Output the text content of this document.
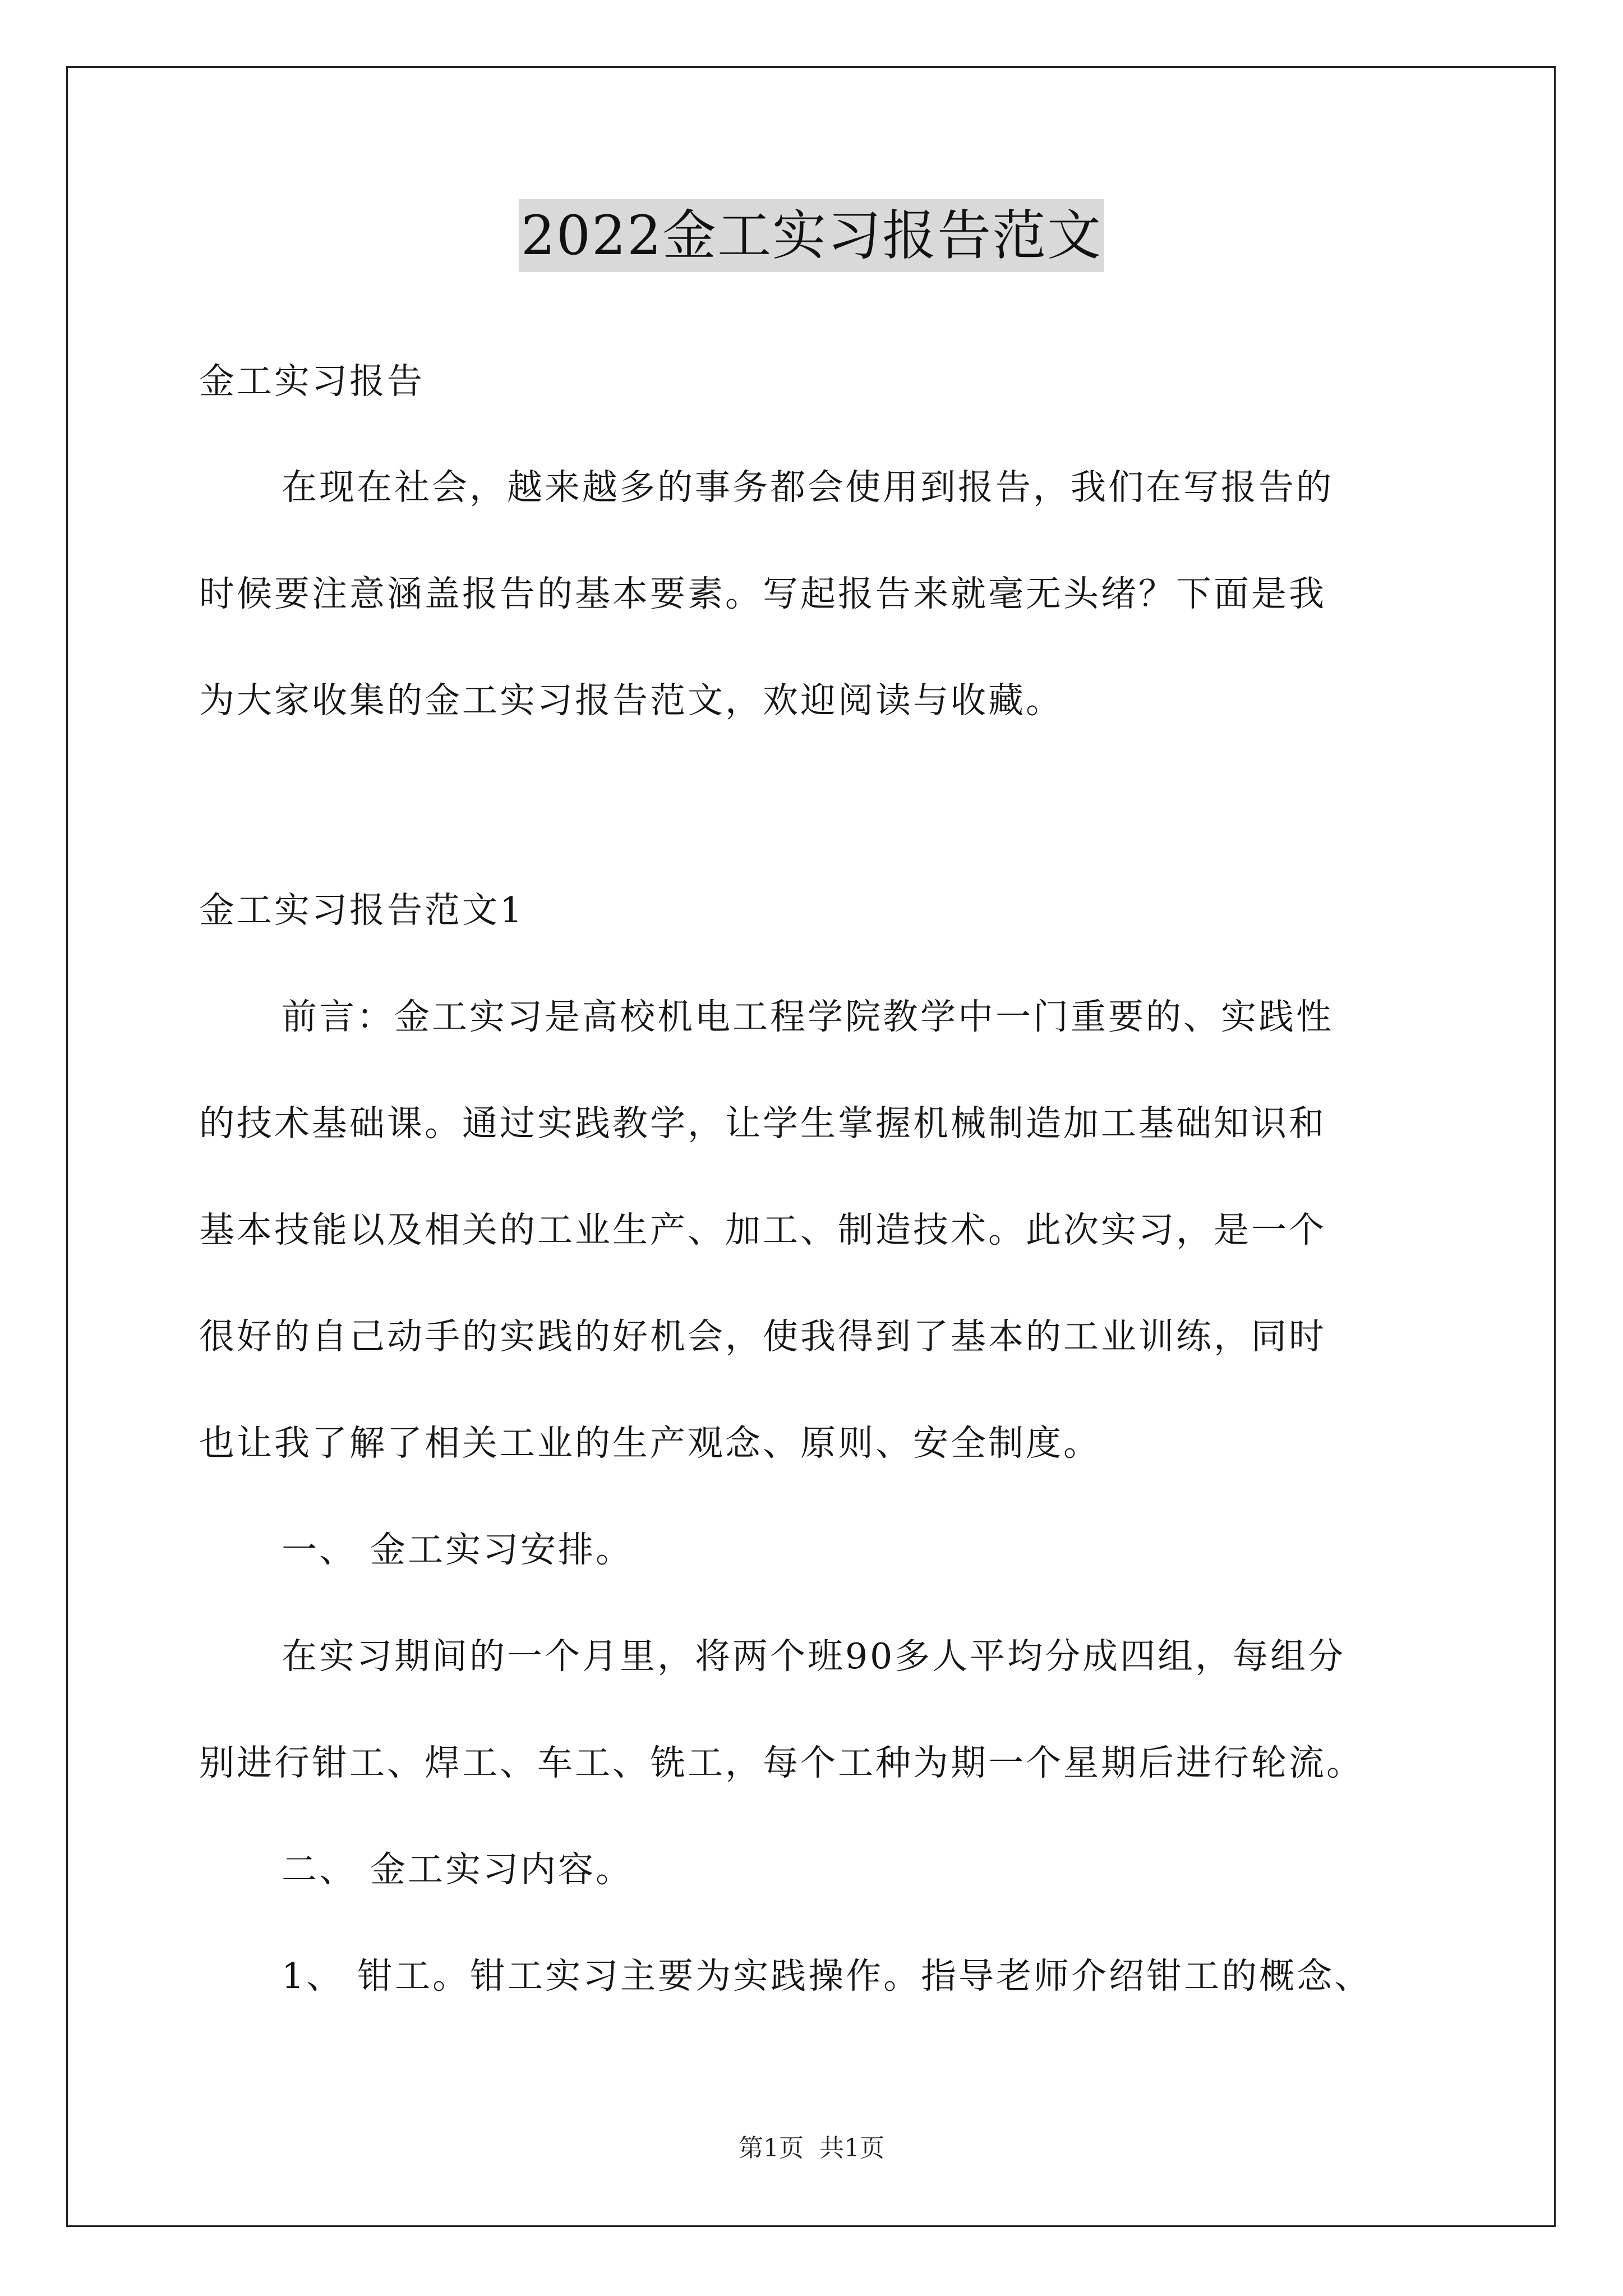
2022金工实习报告范文
金工实习报告
在现在社会，越来越多的事务都会使用到报告，我们在写报告的
时候要注意涵盖报告的基本要素。写起报告来就毫无头绪？下面是我
为大家收集的金工实习报告范文，欢迎阅读与收藏。
金工实习报告范文1
前言：金工实习是高校机电工程学院教学中一门重要的、实践性
的技术基础课。通过实践教学，让学生掌握机械制造加工基础知识和
基本技能以及相关的工业生产、加工、制造技术。此次实习，是一个
很好的自己动手的实践的好机会，使我得到了基本的工业训练，同时
也让我了解了相关工业的生产观念、原则、安全制度。
一、 金工实习安排。
在实习期间的一个月里，将两个班90多人平均分成四组，每组分
别进行钳工、焊工、车工、铣工，每个工种为期一个星期后进行轮流。
二、 金工实习内容。
1、 钳工。钳工实习主要为实践操作。指导老师介绍钳工的概念、
第1页  共1页
